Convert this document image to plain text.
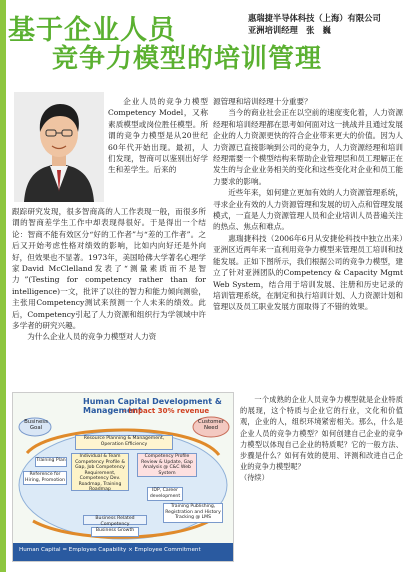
基于企业人员
竞争力模型的培训管理
惠瑞捷半导体科技（上海）有限公司
亚洲培训经理　张　巍

企业人员的竞争力模型Competency Model，又称素质模型或岗位胜任模型。所谓的竞争力模型是从20世纪60年代开始出现。最初，人们发现，智商可以鉴别出好学生和差学生。后来的

跟踪研究发现，很多智商高的人工作表现一般，而很多所谓的智商差学生工作中却表现得很好。于是得出一个结论：智商不能有效区分“好的工作者”与“差的工作者”。之后又开始考虑性格对绩效的影响，比如内向好还是外向好，但效果也不显著。1973年，美国哈佛大学著名心理学家David McClelland发表了“测量素质而不是智力”(Testing for competency rather than for intelligence)一文，批评了以往的智力和能力倾向测验，主张用Competency测试来预测一个人未来的绩效。此后，Competency引起了人力资源和组织行为学领域中许多学者的研究兴趣。

为什么企业人员的竞争力模型对人力资

源管理和培训经理十分重要？

当今的商业社会正在以空前的速度变化着，人力资源经理和培训经理都在思考如何面对这一挑战并且通过发展企业的人力资源更快的符合企业带来更大的价值。因为人力资源已直接影响到公司的竞争力，人力资源经理和培训经理需要一个模型结构来帮助企业管理层和员工理解正在发生的与企业业务相关的变化和这些变化对企业和员工能力要求的影响。

近些年来，如何建立更加有效的人力资源管理系统，寻求企业有效的人力资源管理和发展的切入点和管理发展模式，一直是人力资源管理人员和企业培训人员普遍关注的热点、焦点和难点。

惠瑞捷科技（2006年6月从安捷伦科技中独立出来）亚洲区近两年来一直利用竞争力模型来管理员工培训和技能发展。正如下图所示，我们根据公司的竞争力模型，建立了针对亚洲团队的Competency & Capacity Mgmt Web System，结合用于培训发展、注册和历史记录的培训管理系统，在制定和执行培训计划、人力资源计划和管理以及员工职业发展方面取得了不错的效果。

Human Capital Development & Management
- impact 30% revenue
Business Goal
Customer Need
Resource Planning & Management, Operation Efficiency
Training Plan
Reference for Hiring, Promotion
Individual & Team Competency Profile & Gap, Job Competency Requirement, Competency Dev. Roadmap, Training Roadmap
Competency Profile Review & Update, Gap Analysis @ C&C Web System
IDP, Career development
Training Publishing, Registration and History Tracking @ LMS
Business Related Competency
Business Growth
Human Capital = Employee Capability × Employee Commitment

一个成熟的企业人员竞争力模型就是企业特质的展现，这个特质与企业它的行业，文化和价值观，企业的人，组织环境紧密相关。那么，什么是企业人员的竞争力模型？如何创建自己企业的竞争力模型以体现自己企业的特质呢？它的一般方法、步骤是什么？如何有效的使用、评测和改进自己企业的竞争力模型呢？

（待续）
